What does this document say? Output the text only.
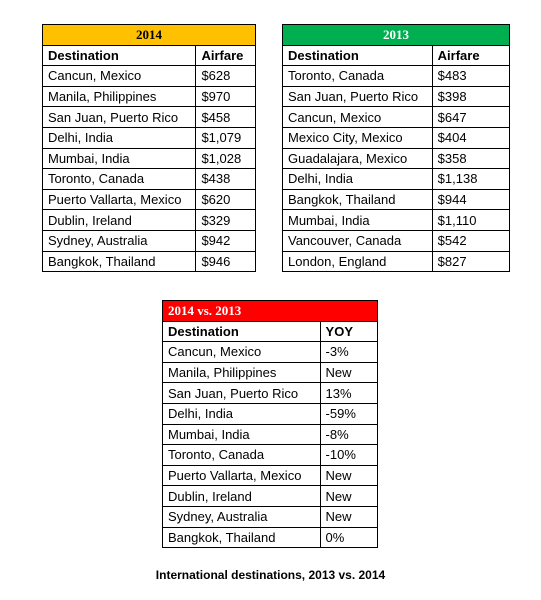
2014	
Destination	Airfare
Cancun, Mexico	$628
Manila, Philippines	$970
San Juan, Puerto Rico	$458
Delhi, India	$1,079
Mumbai, India	$1,028
Toronto, Canada	$438
Puerto Vallarta, Mexico	$620
Dublin, Ireland	$329
Sydney, Australia	$942
Bangkok, Thailand	$946
2013	
Destination	Airfare
Toronto, Canada	$483
San Juan, Puerto Rico	$398
Cancun, Mexico	$647
Mexico City, Mexico	$404
Guadalajara, Mexico	$358
Delhi, India	$1,138
Bangkok, Thailand	$944
Mumbai, India	$1,110
Vancouver, Canada	$542
London, England	$827
2014 vs. 2013	
Destination	YOY
Cancun, Mexico	-3%
Manila, Philippines	New
San Juan, Puerto Rico	13%
Delhi, India	-59%
Mumbai, India	-8%
Toronto, Canada	-10%
Puerto Vallarta, Mexico	New
Dublin, Ireland	New
Sydney, Australia	New
Bangkok, Thailand	0%
International destinations, 2013 vs. 2014
